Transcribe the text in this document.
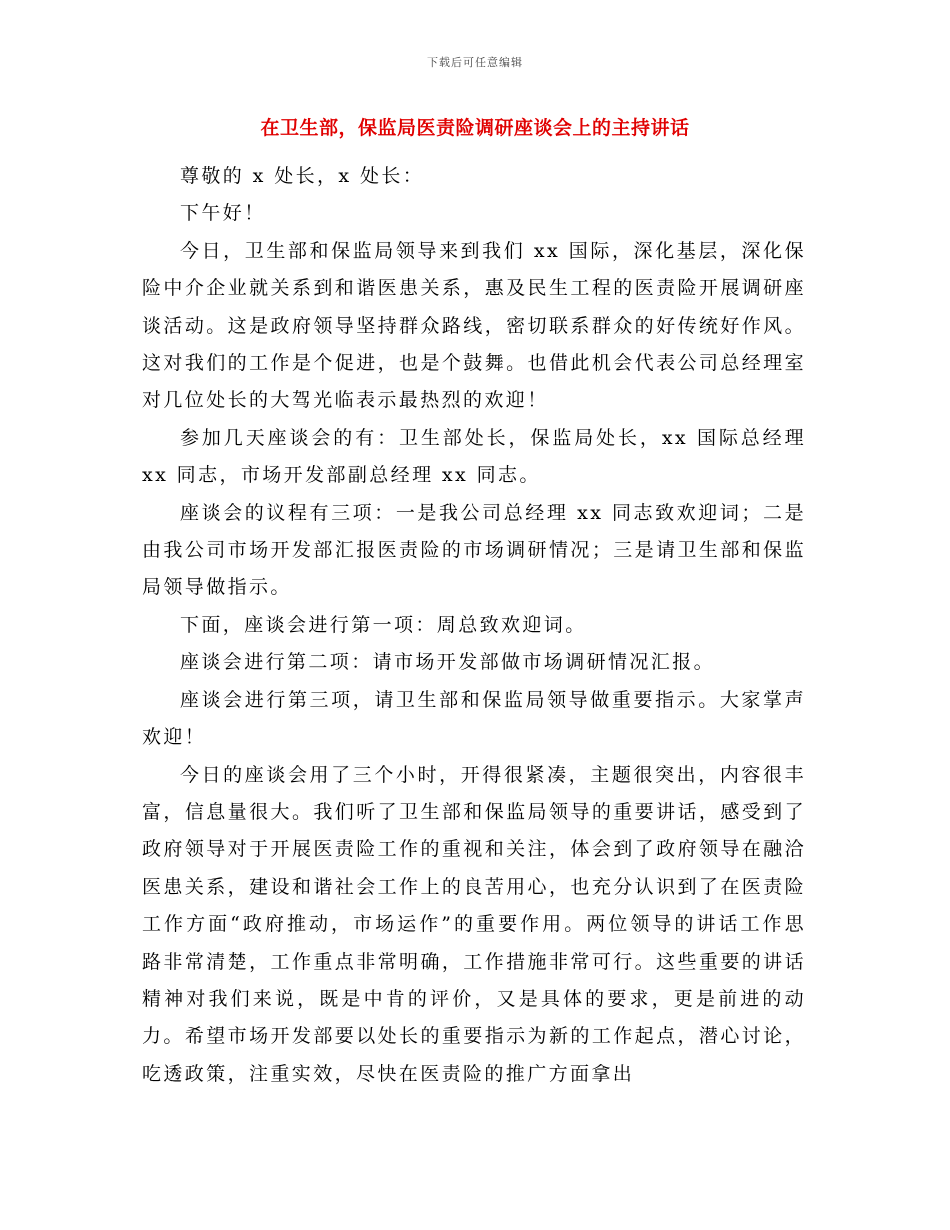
下载后可任意编辑
在卫生部，保监局医责险调研座谈会上的主持讲话

尊敬的 x 处长，x 处长：

下午好！

今日，卫生部和保监局领导来到我们 xx 国际，深化基层，深化保险中介企业就关系到和谐医患关系，惠及民生工程的医责险开展调研座谈活动。这是政府领导坚持群众路线，密切联系群众的好传统好作风。这对我们的工作是个促进，也是个鼓舞。也借此机会代表公司总经理室对几位处长的大驾光临表示最热烈的欢迎！

参加几天座谈会的有：卫生部处长，保监局处长，xx 国际总经理 xx 同志，市场开发部副总经理 xx 同志。

座谈会的议程有三项：一是我公司总经理 xx 同志致欢迎词；二是由我公司市场开发部汇报医责险的市场调研情况；三是请卫生部和保监局领导做指示。

下面，座谈会进行第一项：周总致欢迎词。

座谈会进行第二项：请市场开发部做市场调研情况汇报。

座谈会进行第三项，请卫生部和保监局领导做重要指示。大家掌声欢迎！

今日的座谈会用了三个小时，开得很紧凑，主题很突出，内容很丰富，信息量很大。我们听了卫生部和保监局领导的重要讲话，感受到了政府领导对于开展医责险工作的重视和关注，体会到了政府领导在融洽医患关系，建设和谐社会工作上的良苦用心，也充分认识到了在医责险工作方面“政府推动，市场运作”的重要作用。两位领导的讲话工作思路非常清楚，工作重点非常明确，工作措施非常可行。这些重要的讲话精神对我们来说，既是中肯的评价，又是具体的要求，更是前进的动力。希望市场开发部要以处长的重要指示为新的工作起点，潜心讨论，吃透政策，注重实效，尽快在医责险的推广方面拿出
